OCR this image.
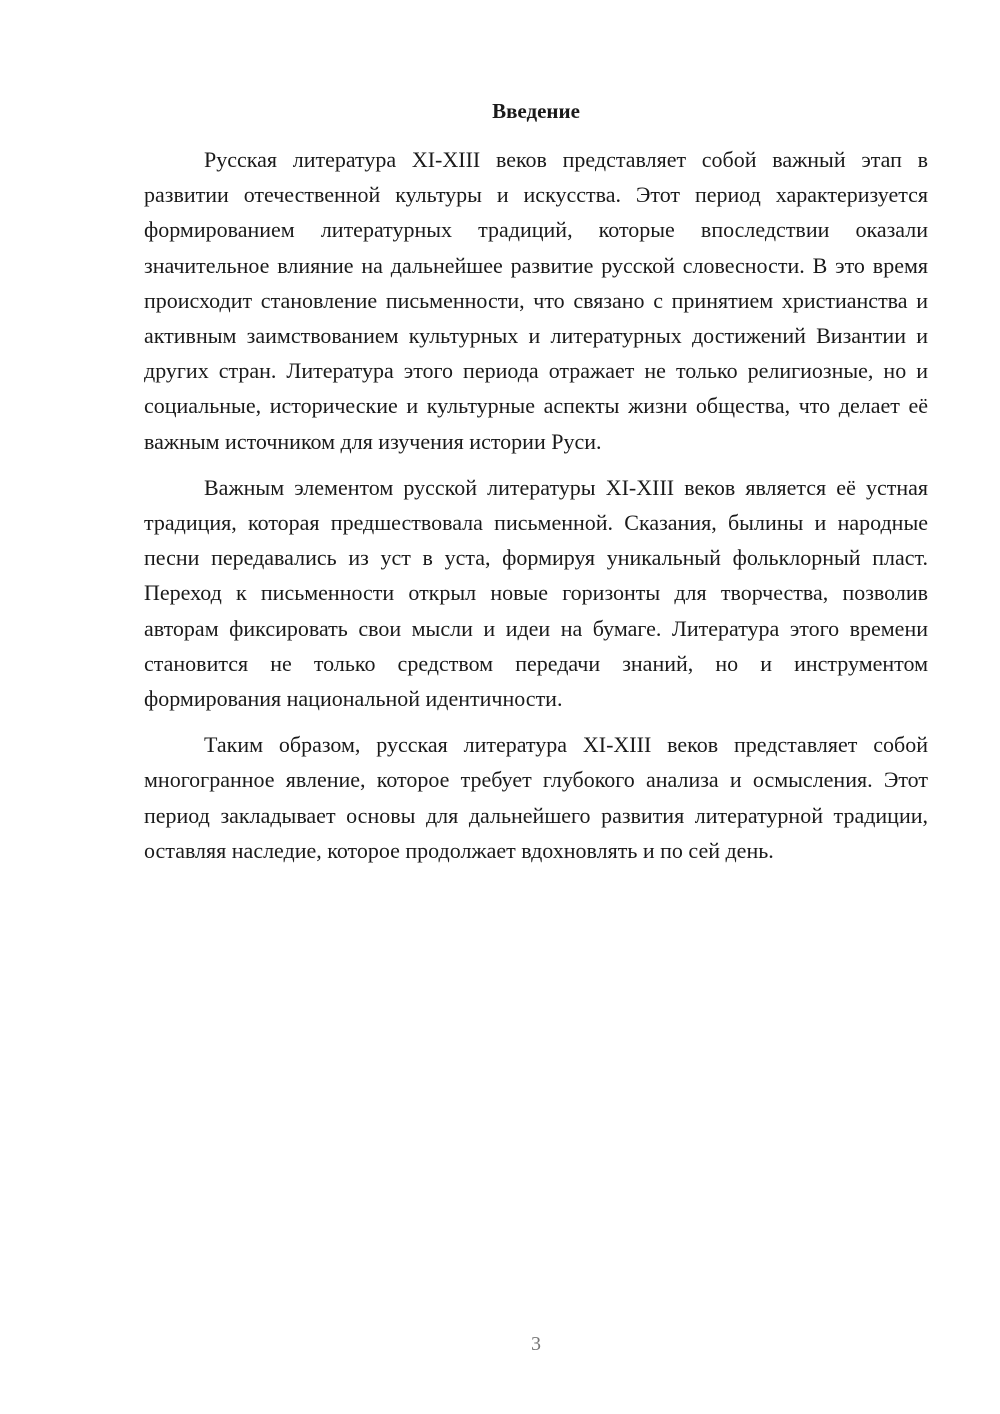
Введение

Русская литература XI-XIII веков представляет собой важный этап в развитии отечественной культуры и искусства. Этот период характеризуется формированием литературных традиций, которые впоследствии оказали значительное влияние на дальнейшее развитие русской словесности. В это время происходит становление письменности, что связано с принятием христианства и активным заимствованием культурных и литературных достижений Византии и других стран. Литература этого периода отражает не только религиозные, но и социальные, исторические и культурные аспекты жизни общества, что делает её важным источником для изучения истории Руси.

Важным элементом русской литературы XI-XIII веков является её устная традиция, которая предшествовала письменной. Сказания, былины и народные песни передавались из уст в уста, формируя уникальный фольклорный пласт. Переход к письменности открыл новые горизонты для творчества, позволив авторам фиксировать свои мысли и идеи на бумаге. Литература этого времени становится не только средством передачи знаний, но и инструментом формирования национальной идентичности.

Таким образом, русская литература XI-XIII веков представляет собой многогранное явление, которое требует глубокого анализа и осмысления. Этот период закладывает основы для дальнейшего развития литературной традиции, оставляя наследие, которое продолжает вдохновлять и по сей день.

3
